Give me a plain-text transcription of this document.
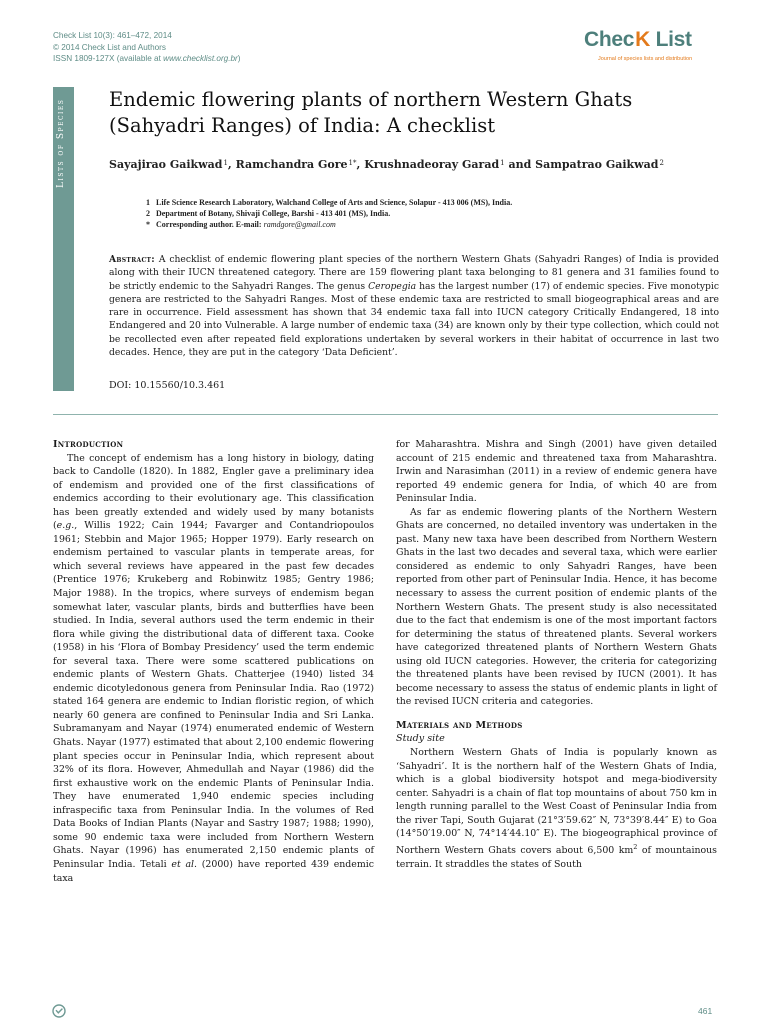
Check List 10(3): 461–472, 2014
© 2014 Check List and Authors
ISSN 1809-127X (available at www.checklist.org.br)
ChecK List
Journal of species lists and distribution
Lists of Species Endemic flowering plants of northern Western Ghats (Sahyadri Ranges) of India: A checklist
Sayajirao Gaikwad$^1$, Ramchandra Gore$^{1*}$, Krushnadeoray Garad$^1$ and Sampatrao Gaikwad$^2$
1 Life Science Research Laboratory, Walchand College of Arts and Science, Solapur - 413 006 (MS), India.
2 Department of Botany, Shivaji College, Barshi - 413 401 (MS), India.
* Corresponding author. E-mail: ramdgore@gmail.com
Abstract: A checklist of endemic flowering plant species of the northern Western Ghats (Sahyadri Ranges) of India is provided along with their IUCN threatened category. There are 159 flowering plant taxa belonging to 81 genera and 31 families found to be strictly endemic to the Sahyadri Ranges. The genus Ceropegia has the largest number (17) of endemic species. Five monotypic genera are restricted to the Sahyadri Ranges. Most of these endemic taxa are restricted to small biogeographical areas and are rare in occurrence. Field assessment has shown that 34 endemic taxa fall into IUCN category Critically Endangered, 18 into Endangered and 20 into Vulnerable. A large number of endemic taxa (34) are known only by their type collection, which could not be recollected even after repeated field explorations undertaken by several workers in their habitat of occurrence in last two decades. Hence, they are put in the category ‘Data Deficient’.
DOI: 10.15560/10.3.461
Introduction

The concept of endemism has a long history in biology, dating back to Candolle (1820). In 1882, Engler gave a preliminary idea of endemism and provided one of the first classifications of endemics according to their evolutionary age. This classification has been greatly extended and widely used by many botanists (e.g., Willis 1922; Cain 1944; Favarger and Contandriopoulos 1961; Stebbin and Major 1965; Hopper 1979). Early research on endemism pertained to vascular plants in temperate areas, for which several reviews have appeared in the past few decades (Prentice 1976; Krukeberg and Robinwitz 1985; Gentry 1986; Major 1988). In the tropics, where surveys of endemism began somewhat later, vascular plants, birds and butterflies have been studied. In India, several authors used the term endemic in their flora while giving the distributional data of different taxa. Cooke (1958) in his ‘Flora of Bombay Presidency’ used the term endemic for several taxa. There were some scattered publications on endemic plants of Western Ghats. Chatterjee (1940) listed 34 endemic dicotyledonous genera from Peninsular India. Rao (1972) stated 164 genera are endemic to Indian floristic region, of which nearly 60 genera are confined to Peninsular India and Sri Lanka. Subramanyam and Nayar (1974) enumerated endemic of Western Ghats. Nayar (1977) estimated that about 2,100 endemic flowering plant species occur in Peninsular India, which represent about 32% of its flora. However, Ahmedullah and Nayar (1986) did the first exhaustive work on the endemic Plants of Peninsular India. They have enumerated 1,940 endemic species including infraspecific taxa from Peninsular India. In the volumes of Red Data Books of Indian Plants (Nayar and Sastry 1987; 1988; 1990), some 90 endemic taxa were included from Northern Western Ghats. Nayar (1996) has enumerated 2,150 endemic plants of Peninsular India. Tetali et al. (2000) have reported 439 endemic taxa

for Maharashtra. Mishra and Singh (2001) have given detailed account of 215 endemic and threatened taxa from Maharashtra. Irwin and Narasimhan (2011) in a review of endemic genera have reported 49 endemic genera for India, of which 40 are from Peninsular India.

As far as endemic flowering plants of the Northern Western Ghats are concerned, no detailed inventory was undertaken in the past. Many new taxa have been described from Northern Western Ghats in the last two decades and several taxa, which were earlier considered as endemic to only Sahyadri Ranges, have been reported from other part of Peninsular India. Hence, it has become necessary to assess the current position of endemic plants of the Northern Western Ghats. The present study is also necessitated due to the fact that endemism is one of the most important factors for determining the status of threatened plants. Several workers have categorized threatened plants of Northern Western Ghats using old IUCN categories. However, the criteria for categorizing the threatened plants have been revised by IUCN (2001). It has become necessary to assess the status of endemic plants in light of the revised IUCN criteria and categories.

Materials and Methods
Study site

Northern Western Ghats of India is popularly known as ‘Sahyadri’. It is the northern half of the Western Ghats of India, which is a global biodiversity hotspot and mega-biodiversity center. Sahyadri is a chain of flat top mountains of about 750 km in length running parallel to the West Coast of Peninsular India from the river Tapi, South Gujarat (21°3′59.62″ N, 73°39′8.44″ E) to Goa (14°50′19.00″ N, 74°14′44.10″ E). The biogeographical province of Northern Western Ghats covers about 6,500 $km^2$ of mountainous terrain. It straddles the states of South

461
